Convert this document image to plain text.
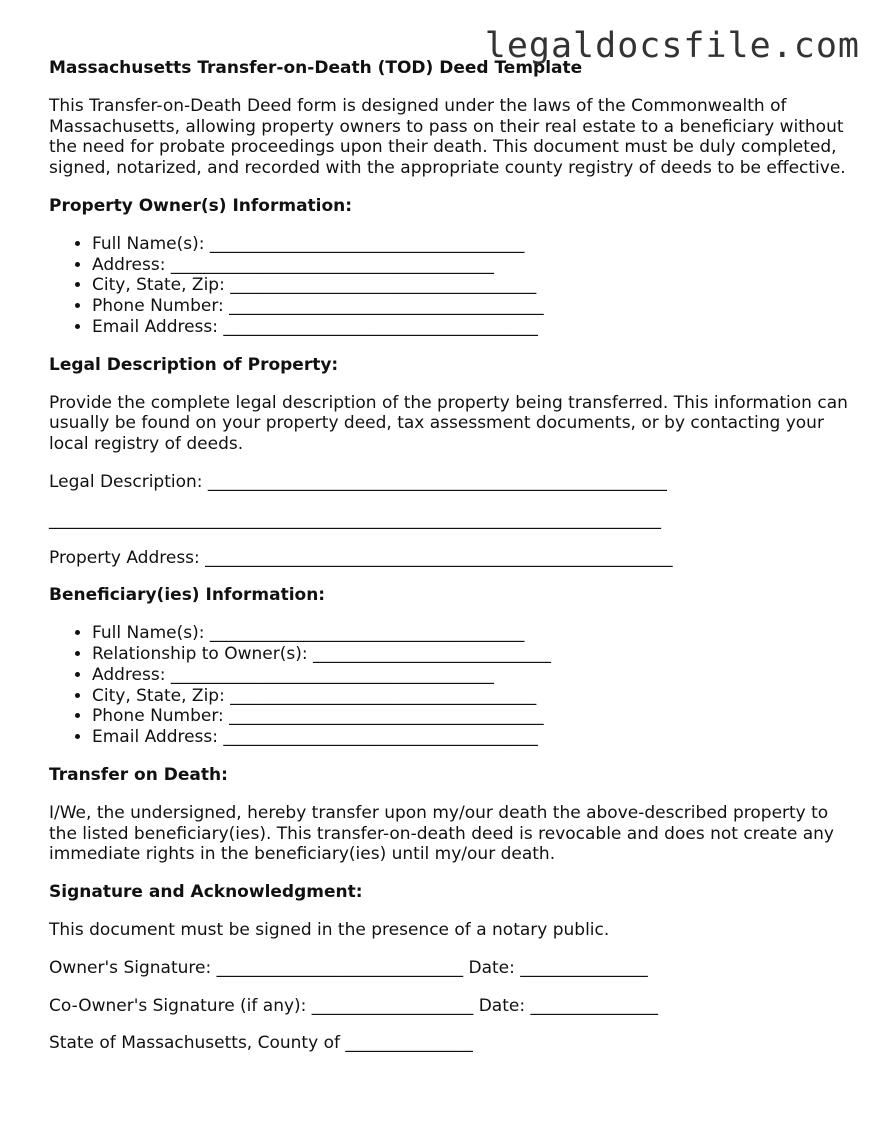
legaldocsfile.com
Massachusetts Transfer-on-Death (TOD) Deed Template

This Transfer-on-Death Deed form is designed under the laws of the Commonwealth of Massachusetts, allowing property owners to pass on their real estate to a beneficiary without the need for probate proceedings upon their death. This document must be duly completed, signed, notarized, and recorded with the appropriate county registry of deeds to be effective.

Property Owner(s) Information:
• Full Name(s): _____________________________________
• Address: ______________________________________
• City, State, Zip: ____________________________________
• Phone Number: _____________________________________
• Email Address: _____________________________________
Legal Description of Property:

Provide the complete legal description of the property being transferred. This information can usually be found on your property deed, tax assessment documents, or by contacting your local registry of deeds.

Legal Description: ______________________________________________________

________________________________________________________________________

Property Address: _______________________________________________________

Beneficiary(ies) Information:
• Full Name(s): _____________________________________
• Relationship to Owner(s): ____________________________
• Address: ______________________________________
• City, State, Zip: ____________________________________
• Phone Number: _____________________________________
• Email Address: _____________________________________
Transfer on Death:

I/We, the undersigned, hereby transfer upon my/our death the above-described property to the listed beneficiary(ies). This transfer-on-death deed is revocable and does not create any immediate rights in the beneficiary(ies) until my/our death.

Signature and Acknowledgment:

This document must be signed in the presence of a notary public.

Owner's Signature: _____________________________ Date: _______________

Co-Owner's Signature (if any): ___________________ Date: _______________

State of Massachusetts, County of _______________
